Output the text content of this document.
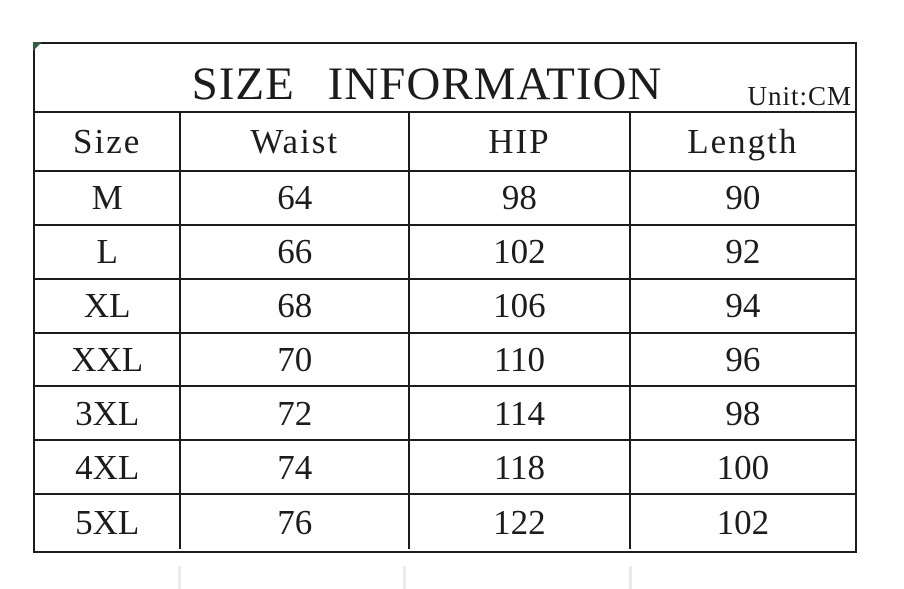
SIZE INFORMATION	Unit:CM
Size	Waist	HIP	Length
M	64	98	90
L	66	102	92
XL	68	106	94
XXL	70	110	96
3XL	72	114	98
4XL	74	118	100
5XL	76	122	102
